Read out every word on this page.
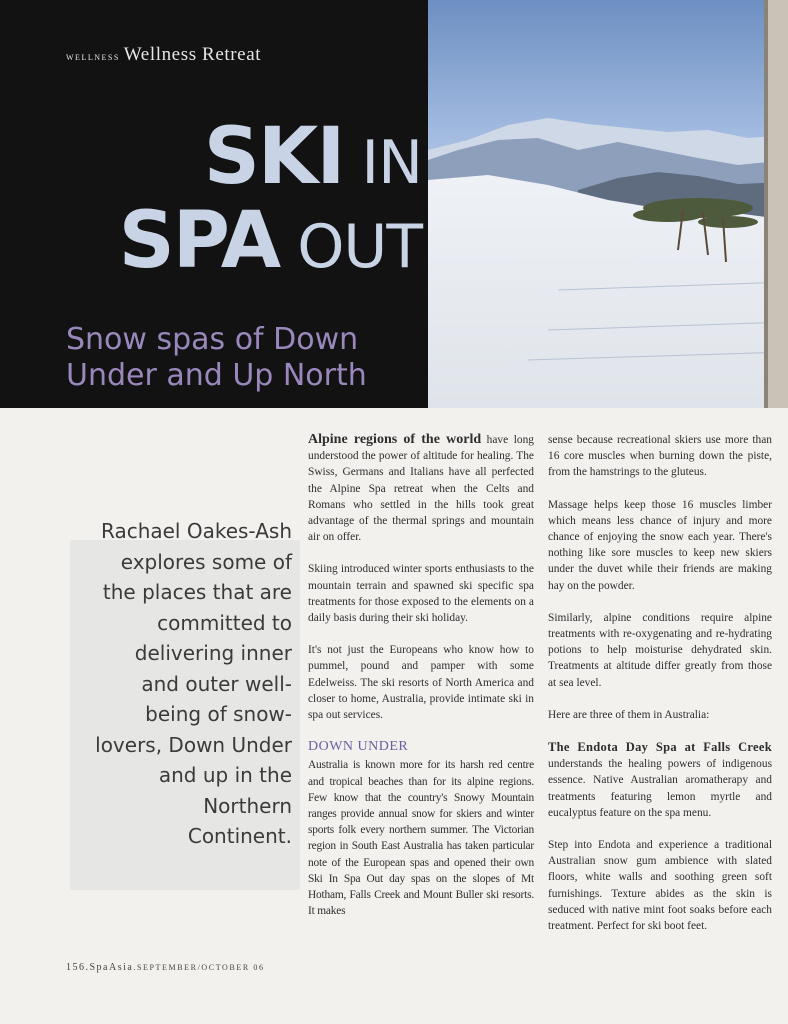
WELLNESS Wellness Retreat
SKI IN
SPA OUT
Snow spas of Down Under and Up North
Rachael Oakes-Ash explores some of the places that are committed to delivering inner and outer well-being of snow-lovers, Down Under and up in the Northern Continent.

Alpine regions of the world have long understood the power of altitude for healing. The Swiss, Germans and Italians have all perfected the Alpine Spa retreat when the Celts and Romans who settled in the hills took great advantage of the thermal springs and mountain air on offer.

Skiing introduced winter sports enthusiasts to the mountain terrain and spawned ski specific spa treatments for those exposed to the elements on a daily basis during their ski holiday.

It's not just the Europeans who know how to pummel, pound and pamper with some Edelweiss. The ski resorts of North America and closer to home, Australia, provide intimate ski in spa out services.

DOWN UNDER

Australia is known more for its harsh red centre and tropical beaches than for its alpine regions. Few know that the country's Snowy Mountain ranges provide annual snow for skiers and winter sports folk every northern summer. The Victorian region in South East Australia has taken particular note of the European spas and opened their own Ski In Spa Out day spas on the slopes of Mt Hotham, Falls Creek and Mount Buller ski resorts. It makes

sense because recreational skiers use more than 16 core muscles when burning down the piste, from the hamstrings to the gluteus.

Massage helps keep those 16 muscles limber which means less chance of injury and more chance of enjoying the snow each year. There's nothing like sore muscles to keep new skiers under the duvet while their friends are making hay on the powder.

Similarly, alpine conditions require alpine treatments with re-oxygenating and re-hydrating potions to help moisturise dehydrated skin. Treatments at altitude differ greatly from those at sea level.

Here are three of them in Australia:

The Endota Day Spa at Falls Creek understands the healing powers of indigenous essence. Native Australian aromatherapy and treatments featuring lemon myrtle and eucalyptus feature on the spa menu.

Step into Endota and experience a traditional Australian snow gum ambience with slated floors, white walls and soothing green soft furnishings. Texture abides as the skin is seduced with native mint foot soaks before each treatment. Perfect for ski boot feet.

156.SpaAsia.SEPTEMBER/OCTOBER 06
